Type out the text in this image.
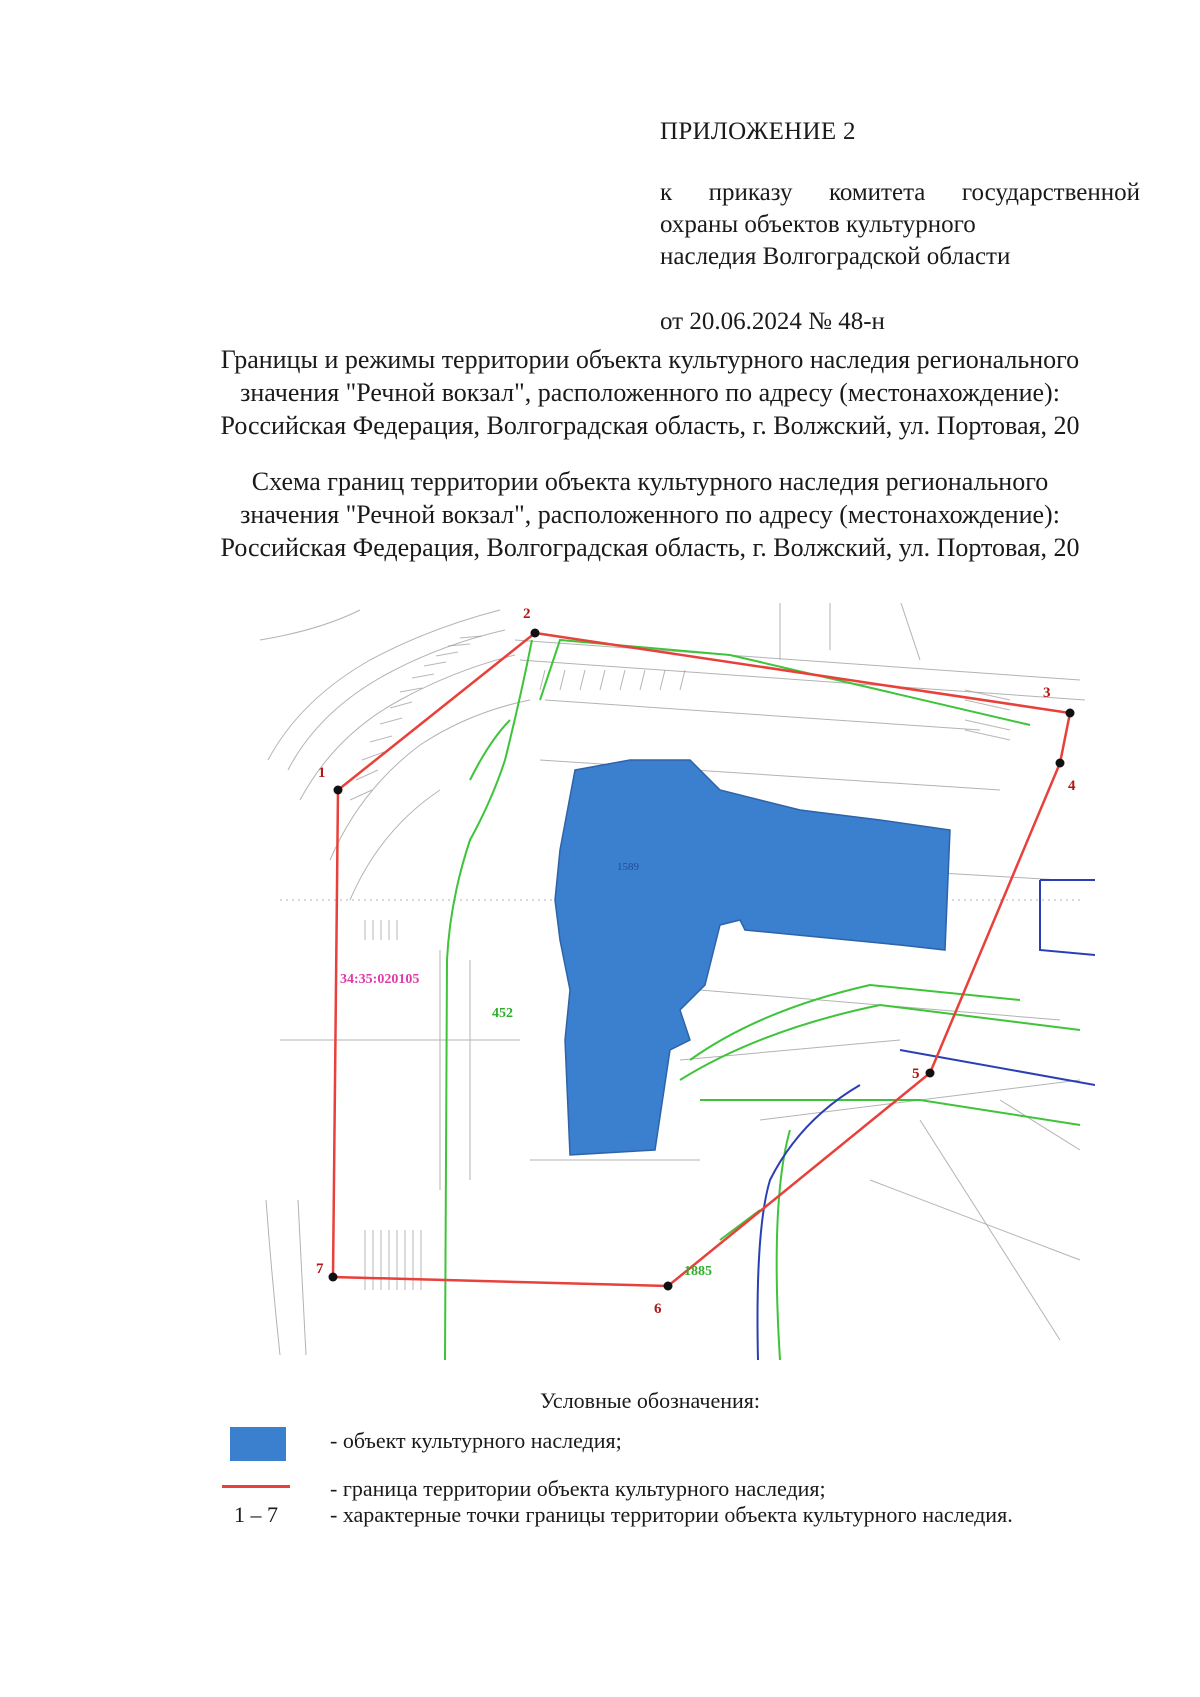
ПРИЛОЖЕНИЕ 2
к приказу комитета государственной
охраны объектов культурного
наследия Волгоградской области
от 20.06.2024 № 48-н
Границы и режимы территории объекта культурного наследия регионального
значения "Речной вокзал", расположенного по адресу (местонахождение):
Российская Федерация, Волгоградская область, г. Волжский, ул. Портовая, 20
Схема границ территории объекта культурного наследия регионального
значения "Речной вокзал", расположенного по адресу (местонахождение):
Российская Федерация, Волгоградская область, г. Волжский, ул. Портовая, 20
1
2
3
4
5
6
7
34:35:020105
452
1885
1589
Условные обозначения:
- объект культурного наследия;
- граница территории объекта культурного наследия;
1 – 7 - характерные точки границы территории объекта культурного наследия.
